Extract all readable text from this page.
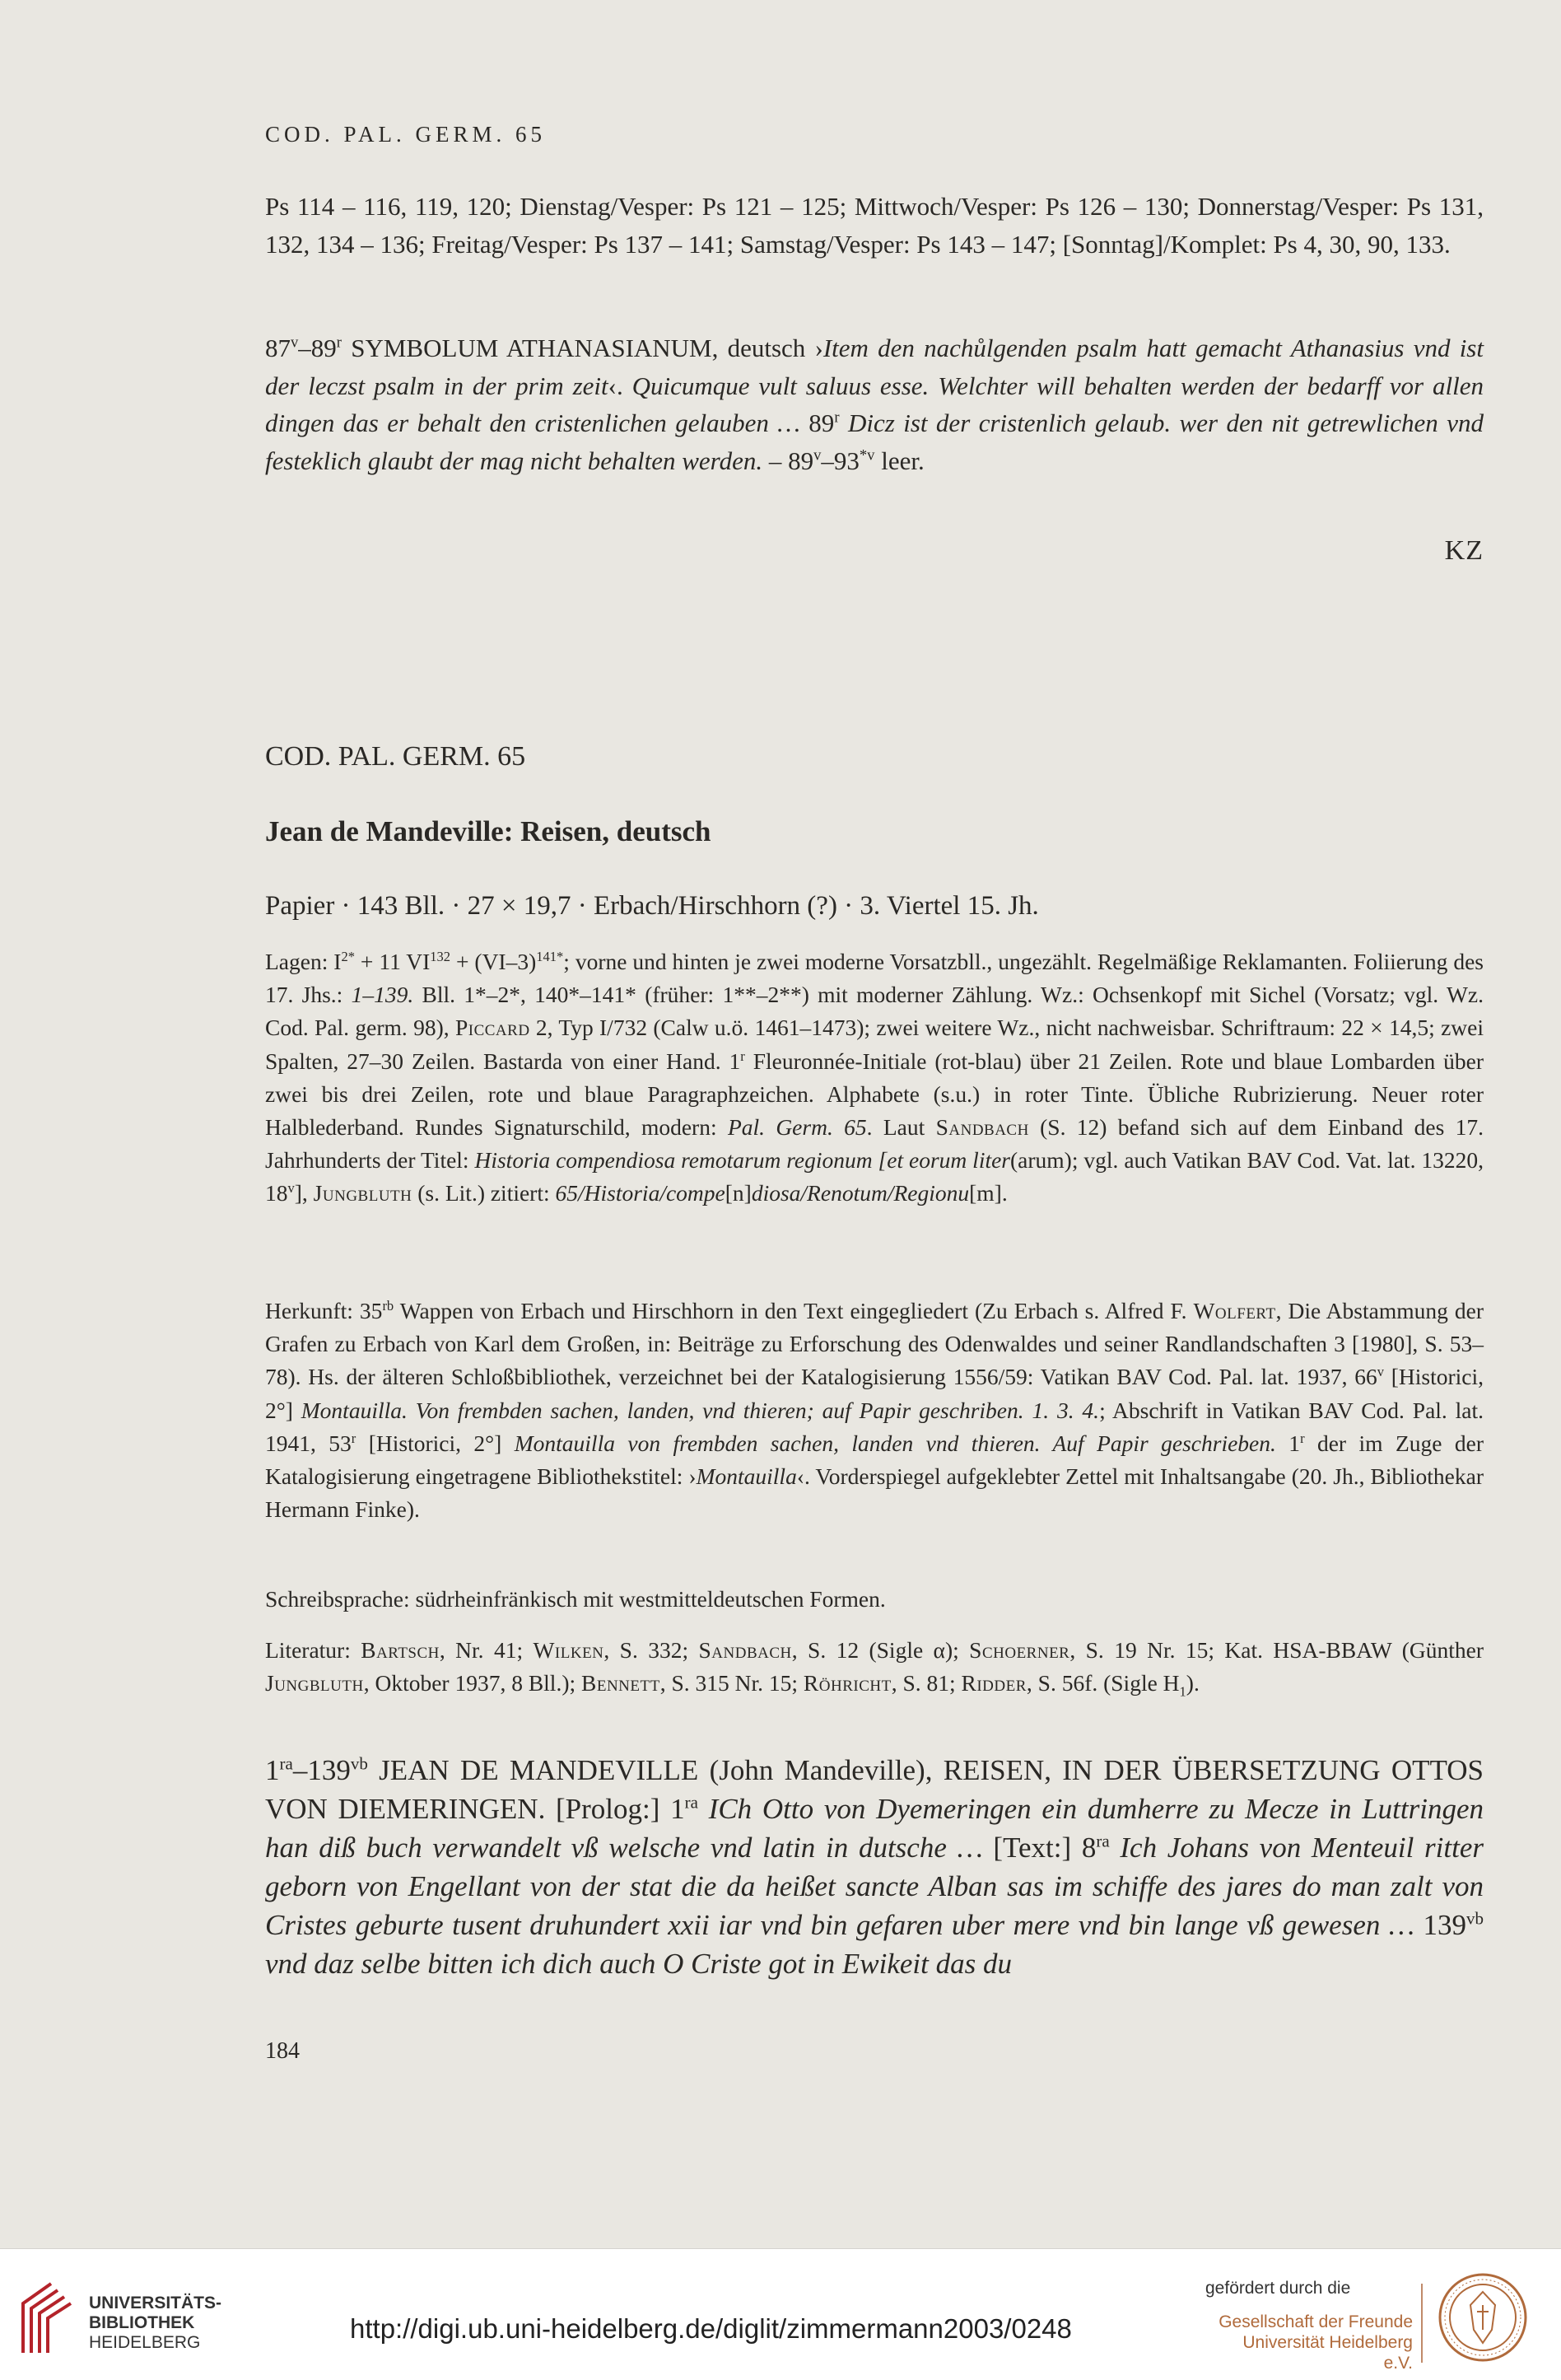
COD. PAL. GERM. 65

Ps 114 – 116, 119, 120; Dienstag/Vesper: Ps 121 – 125; Mittwoch/Vesper: Ps 126 – 130; Donnerstag/Vesper: Ps 131, 132, 134 – 136; Freitag/Vesper: Ps 137 – 141; Samstag/Vesper: Ps 143 – 147; [Sonntag]/Komplet: Ps 4, 30, 90, 133.

87$^v$–89$^r$ SYMBOLUM ATHANASIANUM, deutsch ›Item den nachůlgenden psalm hatt gemacht Athanasius vnd ist der leczst psalm in der prim zeit‹. Quicumque vult saluus esse. Welchter will behalten werden der bedarff vor allen dingen das er behalt den cristenlichen gelauben … 89$^r$ Dicz ist der cristenlich gelaub. wer den nit getrewlichen vnd festeklich glaubt der mag nicht behalten werden. – 89$^v$–93$^{*v}$ leer.

KZ
COD. PAL. GERM. 65
Jean de Mandeville: Reisen, deutsch
Papier · 143 Bll. · 27 × 19,7 · Erbach/Hirschhorn (?) · 3. Viertel 15. Jh.

Lagen: $I^{2*} + 11$ $VI^{132} + (VI-3)^{141*}$; vorne und hinten je zwei moderne Vorsatzbll., ungezählt. Regelmäßige Reklamanten. Foliierung des 17. Jhs.: 1–139. Bll. 1*–2*, 140*–141* (früher: 1**–2**) mit moderner Zählung. Wz.: Ochsenkopf mit Sichel (Vorsatz; vgl. Wz. Cod. Pal. germ. 98), Piccard 2, Typ I/732 (Calw u.ö. 1461–1473); zwei weitere Wz., nicht nachweisbar. Schriftraum: 22 × 14,5; zwei Spalten, 27–30 Zeilen. Bastarda von einer Hand. 1$^r$ Fleuronnée-Initiale (rot-blau) über 21 Zeilen. Rote und blaue Lombarden über zwei bis drei Zeilen, rote und blaue Paragraphzeichen. Alphabete (s.u.) in roter Tinte. Übliche Rubrizierung. Neuer roter Halblederband. Rundes Signaturschild, modern: Pal. Germ. 65. Laut Sandbach (S. 12) befand sich auf dem Einband des 17. Jahrhunderts der Titel: Historia compendiosa remotarum regionum [et eorum liter(arum); vgl. auch Vatikan BAV Cod. Vat. lat. 13220, 18$^v$], Jungbluth (s. Lit.) zitiert: 65/Historia/compe[n]diosa/Renotum/Regionu[m].

Herkunft: $35^{rb}$ Wappen von Erbach und Hirschhorn in den Text eingegliedert (Zu Erbach s. Alfred F. Wolfert, Die Abstammung der Grafen zu Erbach von Karl dem Großen, in: Beiträge zu Erforschung des Odenwaldes und seiner Randlandschaften 3 [1980], S. 53–78). Hs. der älteren Schloßbibliothek, verzeichnet bei der Katalogisierung 1556/59: Vatikan BAV Cod. Pal. lat. 1937, 66$^v$ [Historici, 2°] Montauilla. Von frembden sachen, landen, vnd thieren; auf Papir geschriben. 1. 3. 4.; Abschrift in Vatikan BAV Cod. Pal. lat. 1941, 53$^r$ [Historici, 2°] Montauilla von frembden sachen, landen vnd thieren. Auf Papir geschrieben. 1$^r$ der im Zuge der Katalogisierung eingetragene Bibliothekstitel: ›Montauilla‹. Vorderspiegel aufgeklebter Zettel mit Inhaltsangabe (20. Jh., Bibliothekar Hermann Finke).

Schreibsprache: südrheinfränkisch mit westmitteldeutschen Formen.

Literatur: Bartsch, Nr. 41; Wilken, S. 332; Sandbach, S. 12 (Sigle α); Schoerner, S. 19 Nr. 15; Kat. HSA-BBAW (Günther Jungbluth, Oktober 1937, 8 Bll.); Bennett, S. 315 Nr. 15; Röhricht, S. 81; Ridder, S. 56f. (Sigle $H_1$).

$1^{ra}-139^{vb}$ JEAN DE MANDEVILLE (John Mandeville), REISEN, IN DER ÜBERSETZUNG OTTOS VON DIEMERINGEN. [Prolog:] $1^{ra}$ ICh Otto von Dyemeringen ein dumherre zu Mecze in Luttringen han diß buch verwandelt vß welsche vnd latin in dutsche … [Text:] $8^{ra}$ Ich Johans von Menteuil ritter geborn von Engellant von der stat die da heißet sancte Alban sas im schiffe des jares do man zalt von Cristes geburte tusent druhundert xxii iar vnd bin gefaren uber mere vnd bin lange vß gewesen … $139^{vb}$ vnd daz selbe bitten ich dich auch O Criste got in Ewikeit das du

184
UNIVERSITÄTS-
BIBLIOTHEK
HEIDELBERG	http://digi.ub.uni-heidelberg.de/diglit/zimmermann2003/0248
gefördert durch die
Gesellschaft der Freunde
Universität Heidelberg e.V.
